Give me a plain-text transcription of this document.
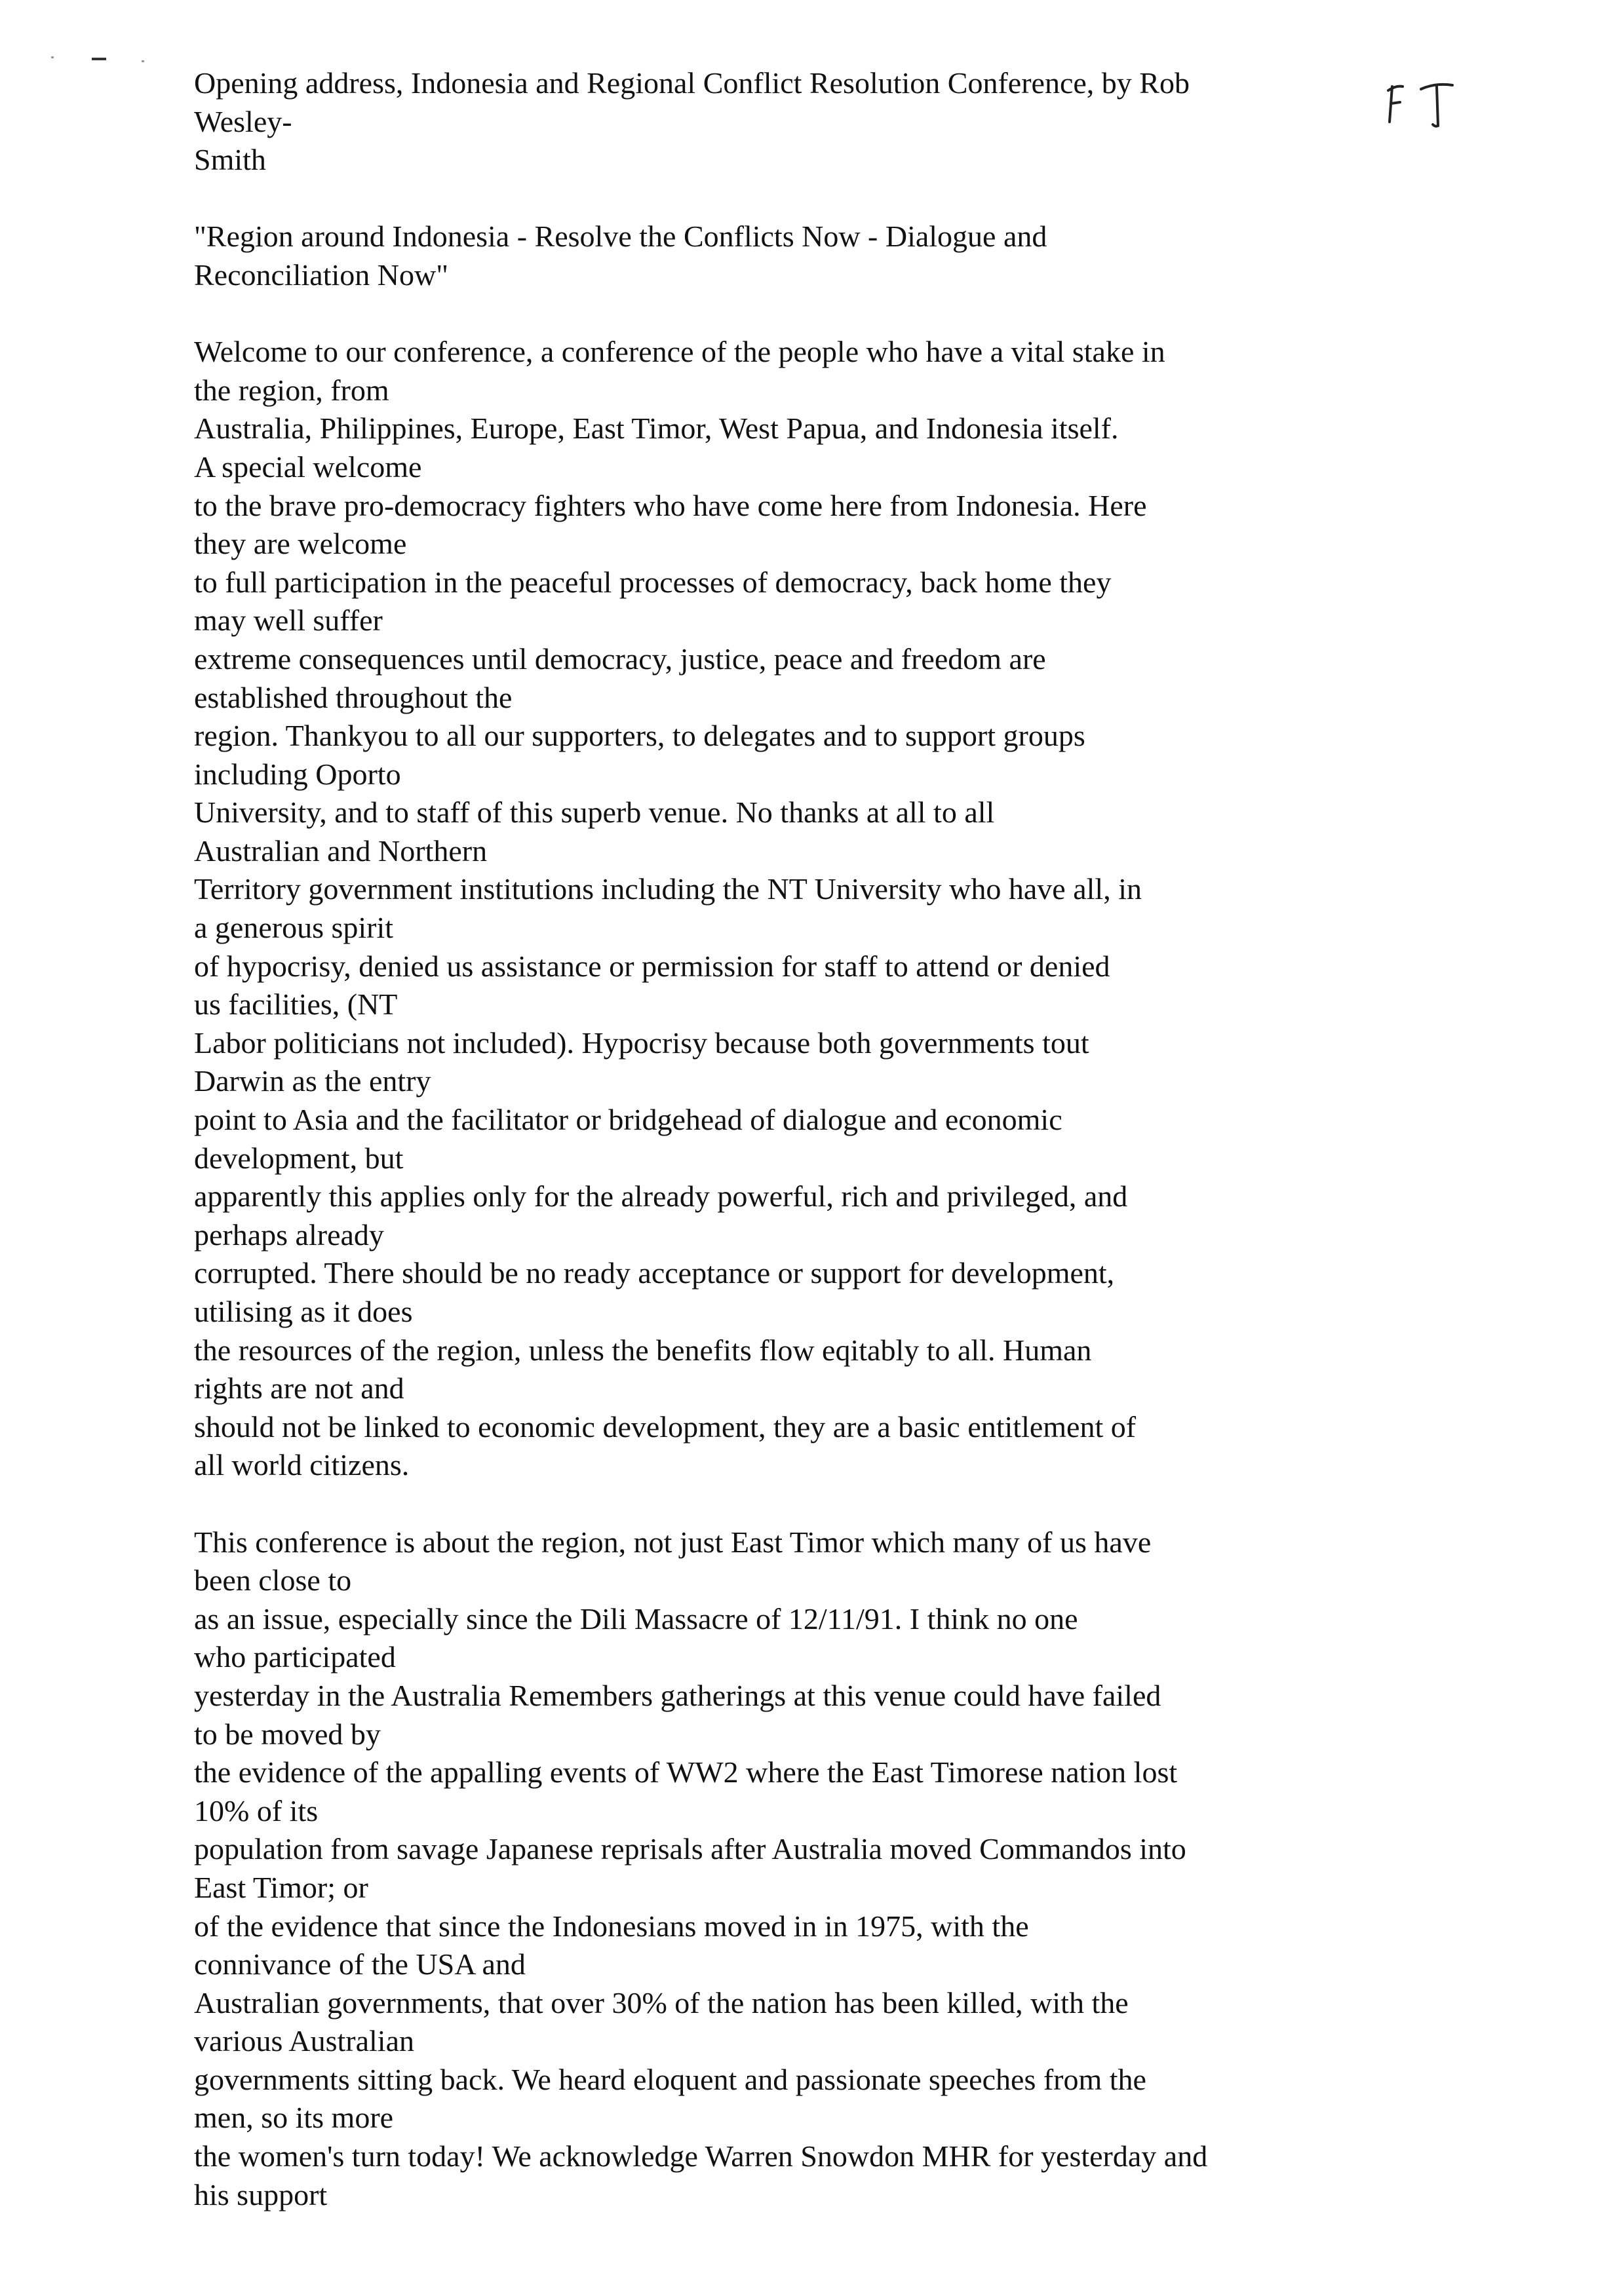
Opening address, Indonesia and Regional Conflict Resolution Conference, by Rob
Wesley-
Smith
"Region around Indonesia - Resolve the Conflicts Now - Dialogue and
Reconciliation Now"
Welcome to our conference, a conference of the people who have a vital stake in
the region, from
Australia, Philippines, Europe, East Timor, West Papua, and Indonesia itself.
A special welcome
to the brave pro-democracy fighters who have come here from Indonesia. Here
they are welcome
to full participation in the peaceful processes of democracy, back home they
may well suffer
extreme consequences until democracy, justice, peace and freedom are
established throughout the
region. Thankyou to all our supporters, to delegates and to support groups
including Oporto
University, and to staff of this superb venue. No thanks at all to all
Australian and Northern
Territory government institutions including the NT University who have all, in
a generous spirit
of hypocrisy, denied us assistance or permission for staff to attend or denied
us facilities, (NT
Labor politicians not included). Hypocrisy because both governments tout
Darwin as the entry
point to Asia and the facilitator or bridgehead of dialogue and economic
development, but
apparently this applies only for the already powerful, rich and privileged, and
perhaps already
corrupted. There should be no ready acceptance or support for development,
utilising as it does
the resources of the region, unless the benefits flow eqitably to all. Human
rights are not and
should not be linked to economic development, they are a basic entitlement of
all world citizens.
This conference is about the region, not just East Timor which many of us have
been close to
as an issue, especially since the Dili Massacre of 12/11/91. I think no one
who participated
yesterday in the Australia Remembers gatherings at this venue could have failed
to be moved by
the evidence of the appalling events of WW2 where the East Timorese nation lost
10% of its
population from savage Japanese reprisals after Australia moved Commandos into
East Timor; or
of the evidence that since the Indonesians moved in in 1975, with the
connivance of the USA and
Australian governments, that over 30% of the nation has been killed, with the
various Australian
governments sitting back. We heard eloquent and passionate speeches from the
men, so its more
the women's turn today! We acknowledge Warren Snowdon MHR for yesterday and
his support
